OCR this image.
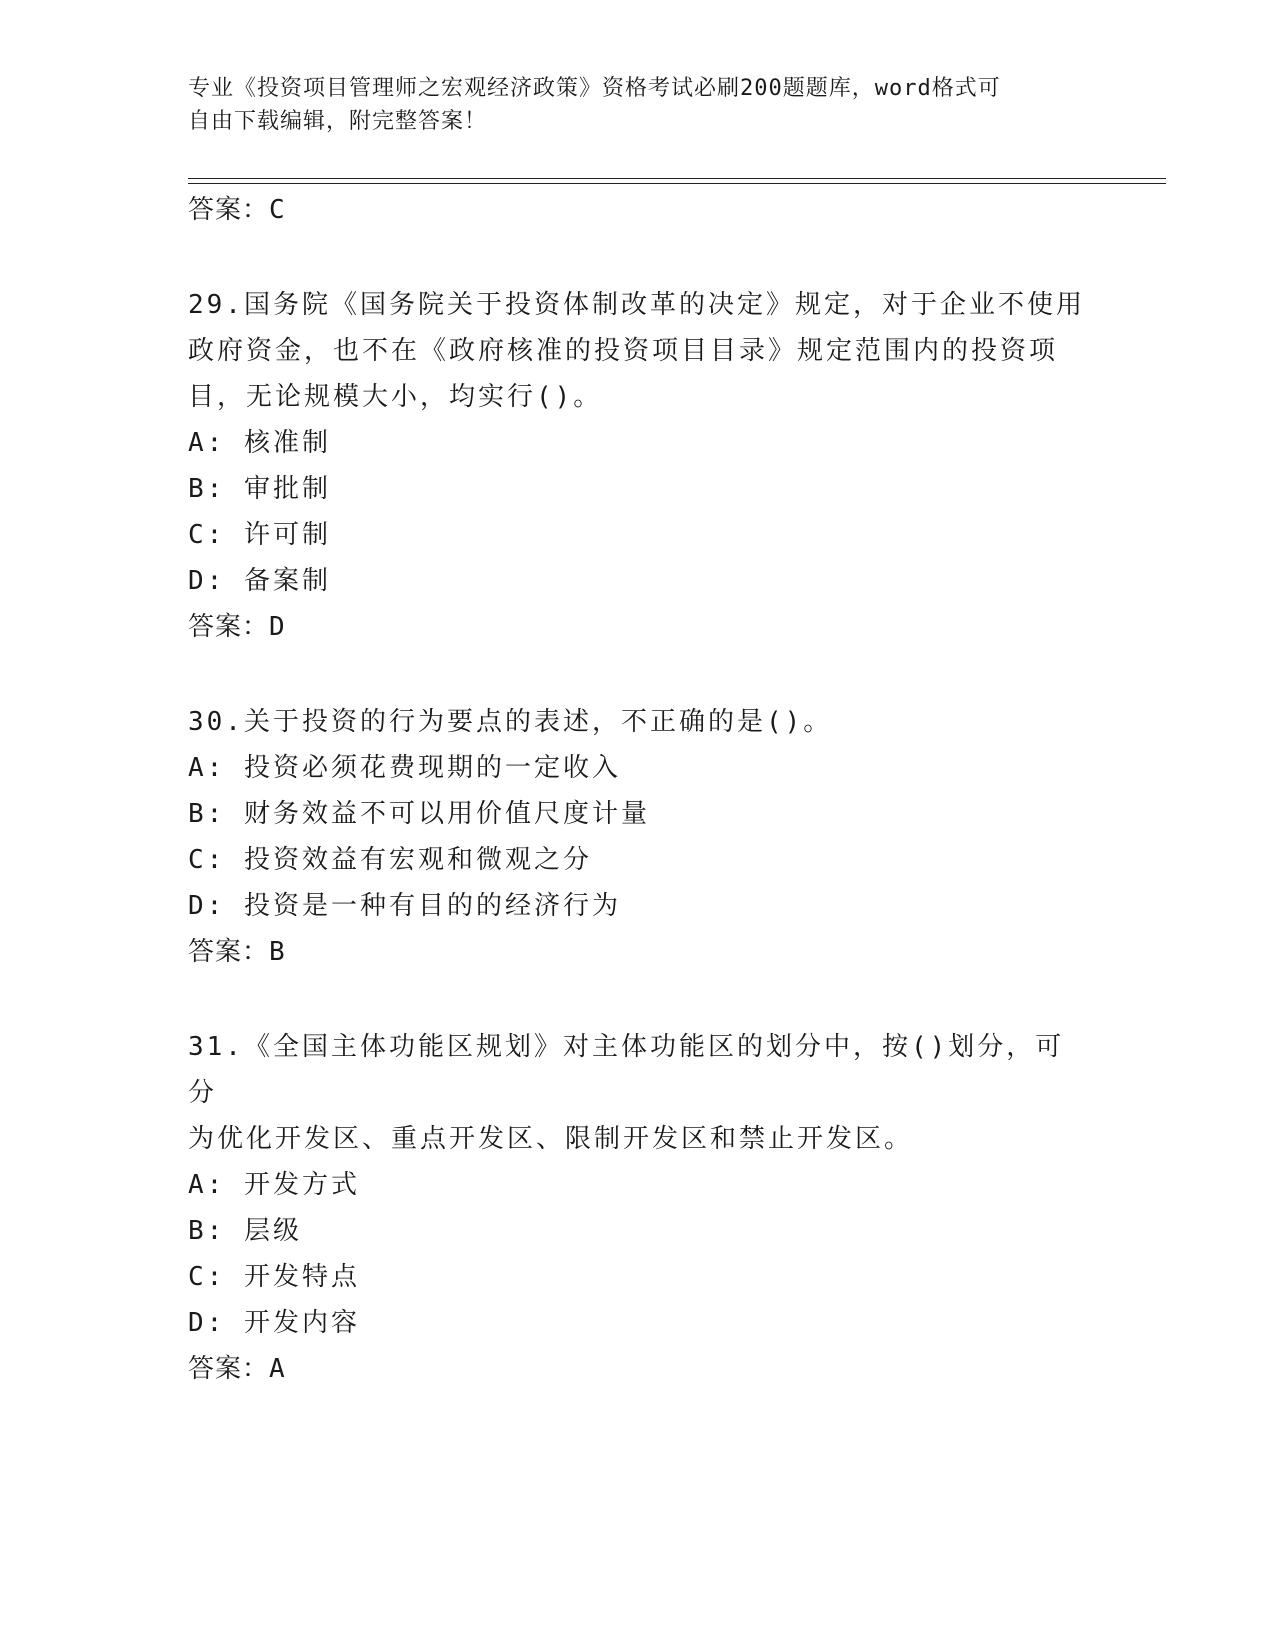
专业《投资项目管理师之宏观经济政策》资格考试必刷200题题库，word格式可
自由下载编辑，附完整答案！
答案：C
29.国务院《国务院关于投资体制改革的决定》规定，对于企业不使用
政府资金，也不在《政府核准的投资项目目录》规定范围内的投资项
目，无论规模大小，均实行()。
A: 核准制
B: 审批制
C: 许可制
D: 备案制
答案：D
30.关于投资的行为要点的表述，不正确的是()。
A: 投资必须花费现期的一定收入
B: 财务效益不可以用价值尺度计量
C: 投资效益有宏观和微观之分
D: 投资是一种有目的的经济行为
答案：B
31.《全国主体功能区规划》对主体功能区的划分中，按()划分，可分
为优化开发区、重点开发区、限制开发区和禁止开发区。
A: 开发方式
B: 层级
C: 开发特点
D: 开发内容
答案：A
